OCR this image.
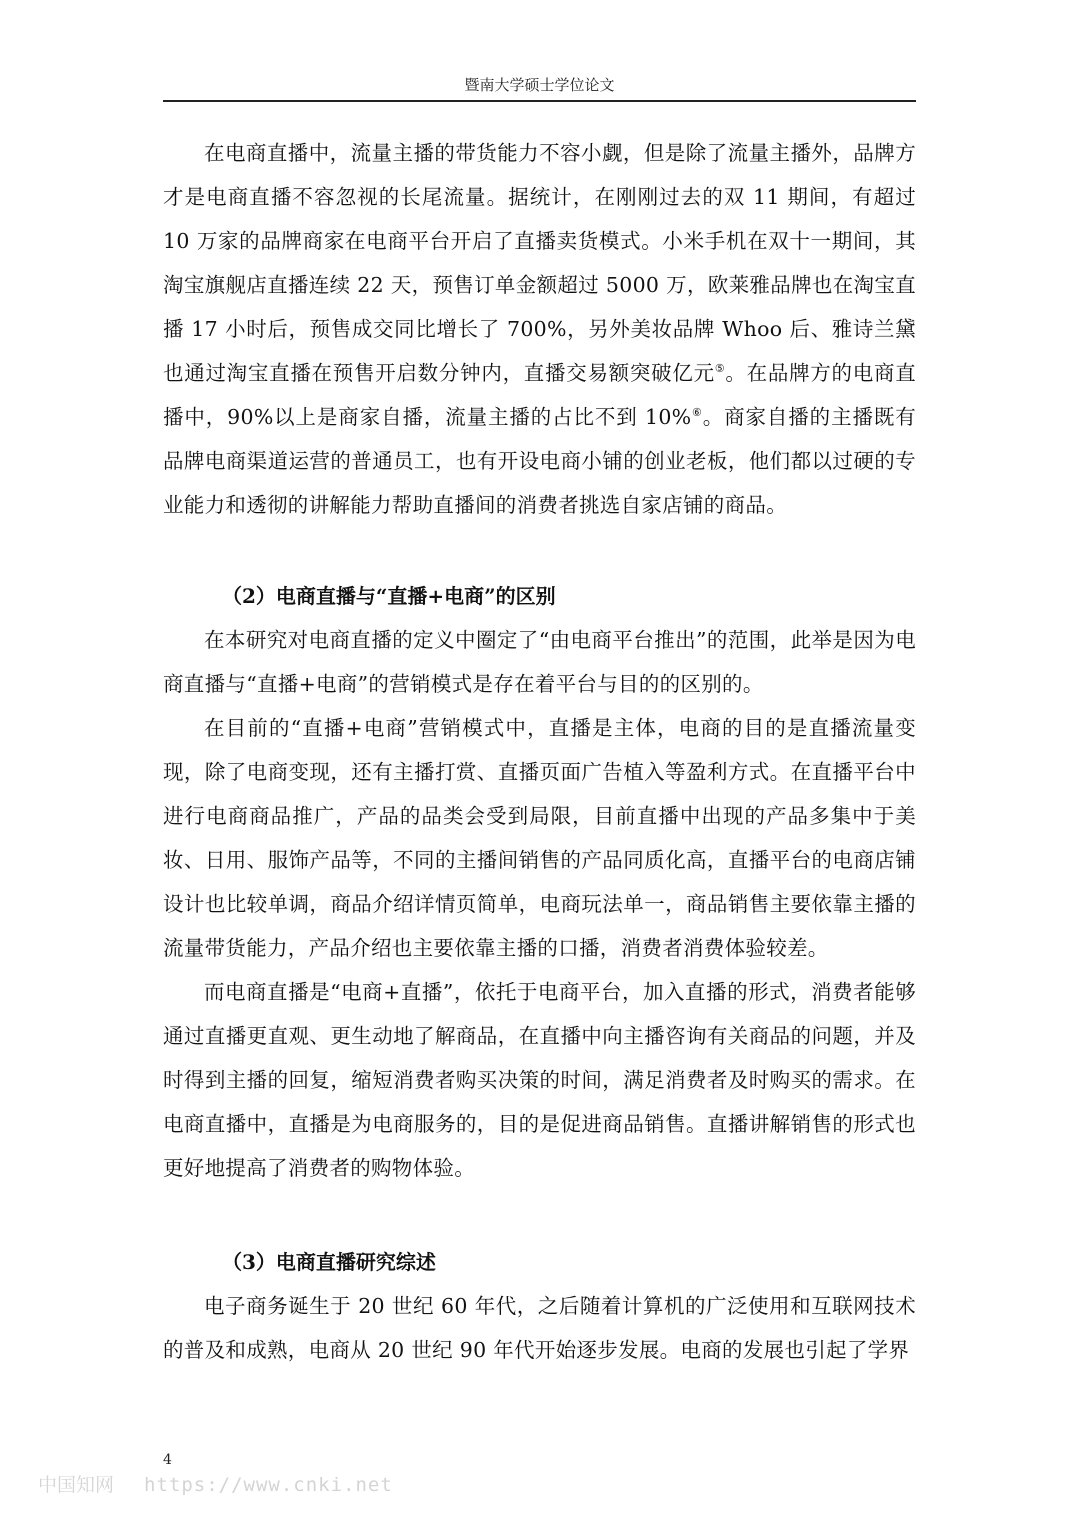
暨南大学硕士学位论文

在电商直播中，流量主播的带货能力不容小觑，但是除了流量主播外，品牌方才是电商直播不容忽视的长尾流量。据统计，在刚刚过去的双 11 期间，有超过 10 万家的品牌商家在电商平台开启了直播卖货模式。小米手机在双十一期间，其淘宝旗舰店直播连续 22 天，预售订单金额超过 5000 万，欧莱雅品牌也在淘宝直播 17 小时后，预售成交同比增长了 700%，另外美妆品牌 Whoo 后、雅诗兰黛也通过淘宝直播在预售开启数分钟内，直播交易额突破亿元⑤。在品牌方的电商直播中，90%以上是商家自播，流量主播的占比不到 10%⑥。商家自播的主播既有品牌电商渠道运营的普通员工，也有开设电商小铺的创业老板，他们都以过硬的专业能力和透彻的讲解能力帮助直播间的消费者挑选自家店铺的商品。

（2）电商直播与“直播+电商”的区别

在本研究对电商直播的定义中圈定了“由电商平台推出”的范围，此举是因为电商直播与“直播+电商”的营销模式是存在着平台与目的的区别的。

在目前的“直播+电商”营销模式中，直播是主体，电商的目的是直播流量变现，除了电商变现，还有主播打赏、直播页面广告植入等盈利方式。在直播平台中进行电商商品推广，产品的品类会受到局限，目前直播中出现的产品多集中于美妆、日用、服饰产品等，不同的主播间销售的产品同质化高，直播平台的电商店铺设计也比较单调，商品介绍详情页简单，电商玩法单一，商品销售主要依靠主播的流量带货能力，产品介绍也主要依靠主播的口播，消费者消费体验较差。

而电商直播是“电商+直播”，依托于电商平台，加入直播的形式，消费者能够通过直播更直观、更生动地了解商品，在直播中向主播咨询有关商品的问题，并及时得到主播的回复，缩短消费者购买决策的时间，满足消费者及时购买的需求。在电商直播中，直播是为电商服务的，目的是促进商品销售。直播讲解销售的形式也更好地提高了消费者的购物体验。

（3）电商直播研究综述

电子商务诞生于 20 世纪 60 年代，之后随着计算机的广泛使用和互联网技术的普及和成熟，电商从 20 世纪 90 年代开始逐步发展。电商的发展也引起了学界

4
中国知网 https://www.cnki.net
